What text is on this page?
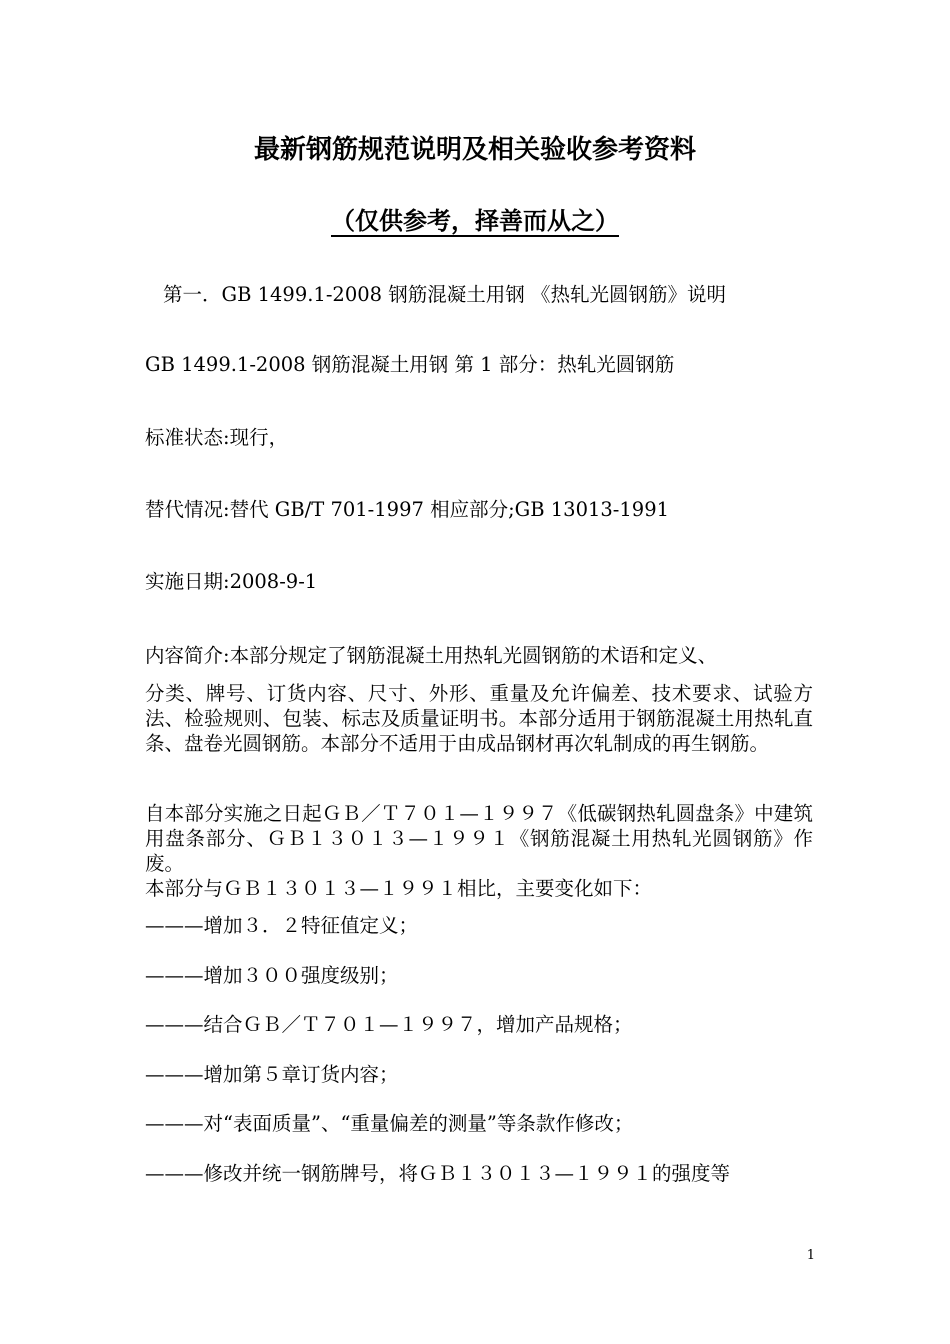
最新钢筋规范说明及相关验收参考资料
（仅供参考，择善而从之）
第一．GB 1499.1-2008 钢筋混凝土用钢 《热轧光圆钢筋》说明
GB 1499.1-2008 钢筋混凝土用钢 第 1 部分：热轧光圆钢筋
标准状态:现行，
替代情况:替代 GB/T 701-1997 相应部分;GB 13013-1991
实施日期:2008-9-1
内容简介:本部分规定了钢筋混凝土用热轧光圆钢筋的术语和定义、
分类、牌号、订货内容、尺寸、外形、重量及允许偏差、技术要求、试验方法、检验规则、包装、标志及质量证明书。本部分适用于钢筋混凝土用热轧直条、盘卷光圆钢筋。本部分不适用于由成品钢材再次轧制成的再生钢筋。
自本部分实施之日起ＧＢ／Ｔ７０１—１９９７《低碳钢热轧圆盘条》中建筑用盘条部分、ＧＢ１３０１３—１９９１《钢筋混凝土用热轧光圆钢筋》作废。
本部分与ＧＢ１３０１３—１９９１相比，主要变化如下：
———增加３．２特征值定义；
———增加３００强度级别；
———结合ＧＢ／Ｔ７０１—１９９７，增加产品规格；
———增加第５章订货内容；
———对“表面质量”、“重量偏差的测量”等条款作修改；
———修改并统一钢筋牌号，将ＧＢ１３０１３—１９９１的强度等
1
